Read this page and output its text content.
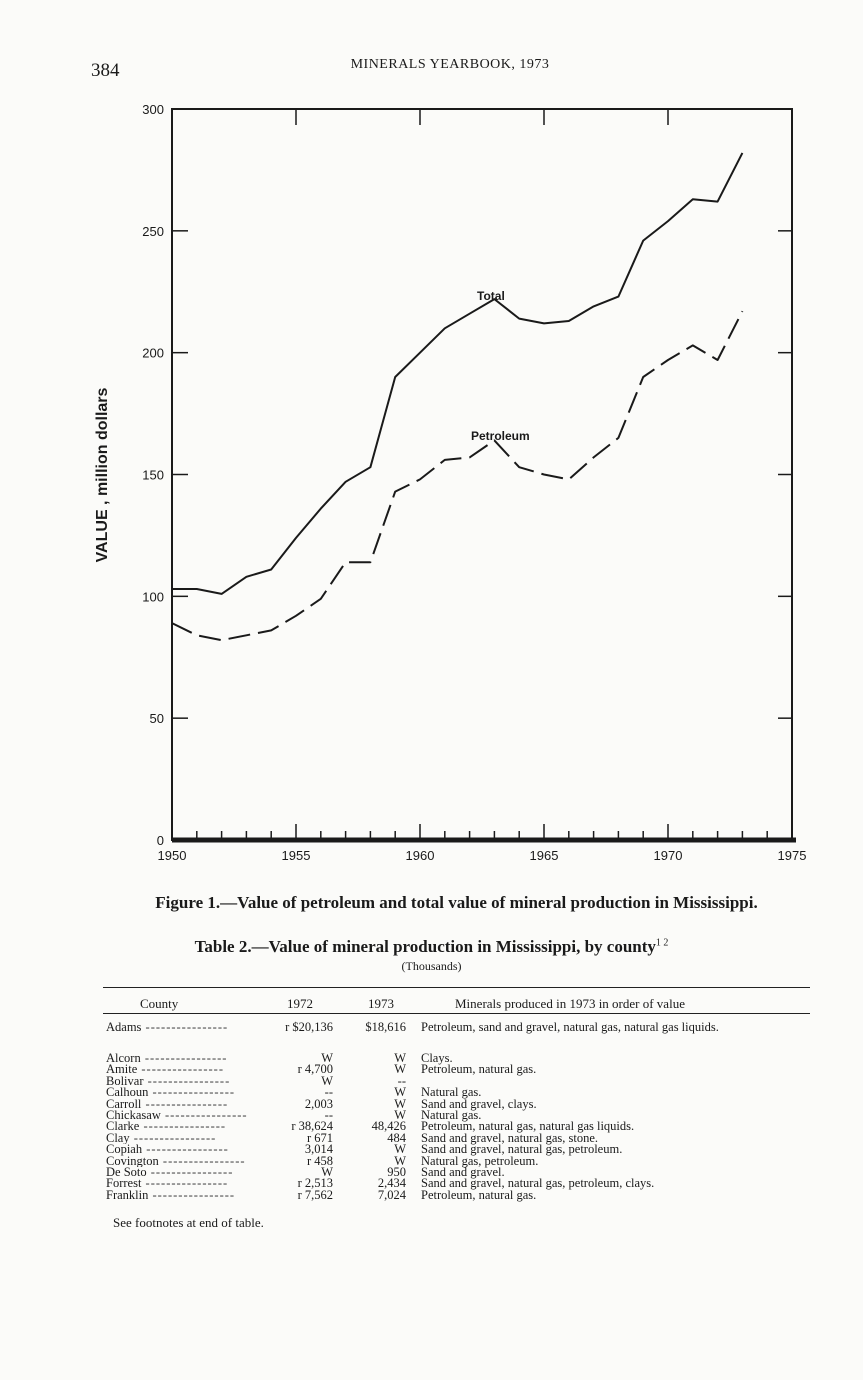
384	MINERALS YEARBOOK, 1973
1950	1955	1960	1965	1970	1975
0
50
100
150
200
250
300
VALUE , million dollars
Total
Petroleum
Figure 1.—Value of petroleum and total value of mineral production in Mississippi.
Table 2.—Value of mineral production in Mississippi, by county$^{1 2}$
(Thousands)
County	1972	1973	Minerals produced in 1973 in order of value
Adams ----------------	r $20,136	$18,616 Petroleum, sand and gravel, natural gas, natural gas liquids.
Alcorn ----------------	W	W Clays.
Amite ----------------	r 4,700	W Petroleum, natural gas.
Bolivar ----------------	W	--
Calhoun ----------------	--	W Natural gas.
Carroll ----------------	2,003	W Sand and gravel, clays.
Chickasaw ----------------	--	W Natural gas.
Clarke ----------------	r 38,624	48,426 Petroleum, natural gas, natural gas liquids.
Clay ----------------	r 671	484 Sand and gravel, natural gas, stone.
Copiah ----------------	3,014	W Sand and gravel, natural gas, petroleum.
Covington ----------------	r 458	W Natural gas, petroleum.
De Soto ----------------	W	950 Sand and gravel.
Forrest ----------------	r 2,513	2,434 Sand and gravel, natural gas, petroleum, clays.
Franklin ----------------	r 7,562	7,024 Petroleum, natural gas.
See footnotes at end of table.
